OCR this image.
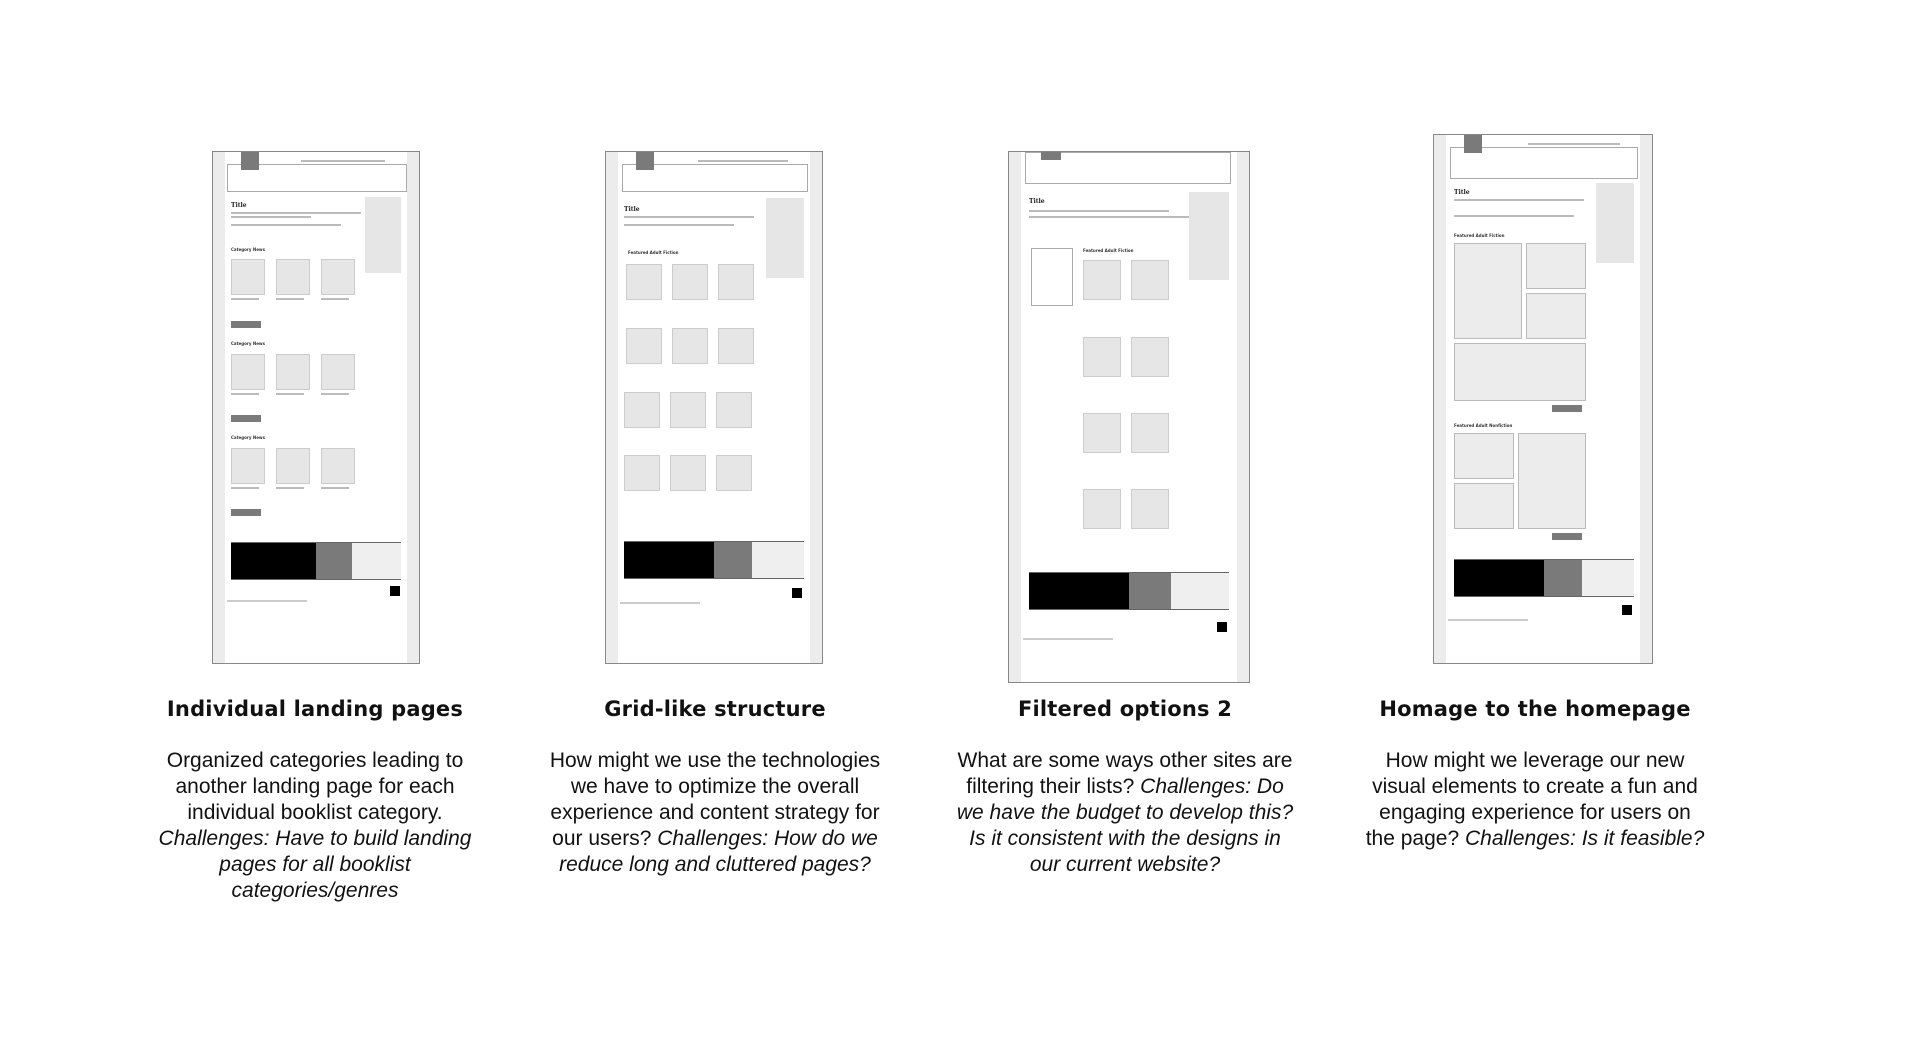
Title
Category News
Category News
Category News
Individual landing pages
Organized categories leading to another landing page for each individual booklist category. Challenges: Have to build landing pages for all booklist categories/genres
Title
Featured Adult Fiction
Grid-like structure
How might we use the technologies we have to optimize the overall experience and content strategy for our users? Challenges: How do we reduce long and cluttered pages?
Title
Featured Adult Fiction
Filtered options 2
What are some ways other sites are filtering their lists? Challenges: Do we have the budget to develop this? Is it consistent with the designs in our current website?
Title
Featured Adult Fiction
Featured Adult Nonfiction
Homage to the homepage
How might we leverage our new visual elements to create a fun and engaging experience for users on the page? Challenges: Is it feasible?
